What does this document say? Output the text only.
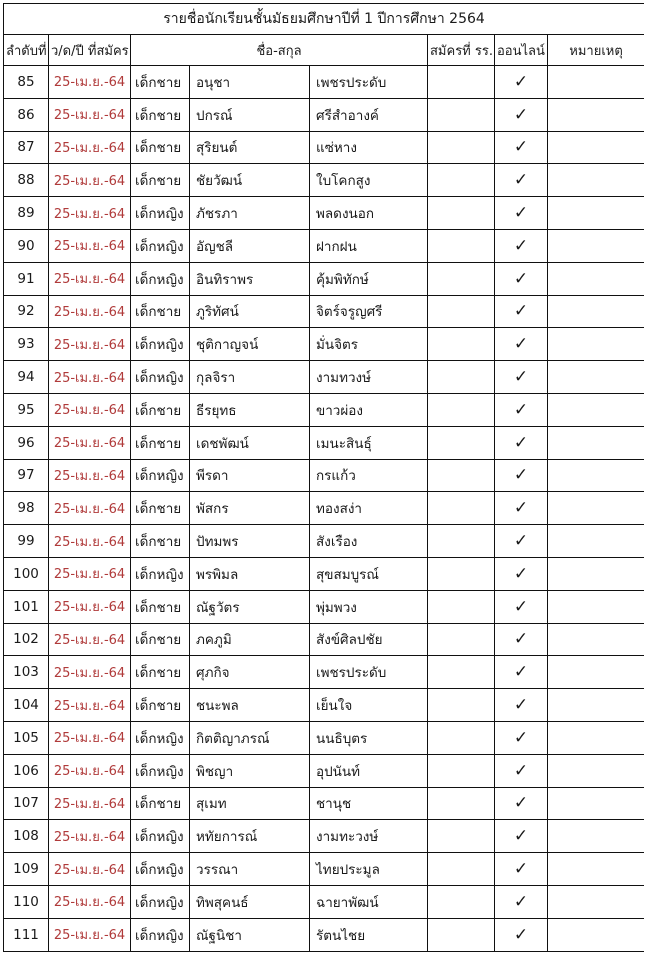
รายชื่อนักเรียนชั้นมัธยมศึกษาปีที่ 1 ปีการศึกษา 2564							
ลำดับที่	ว/ด/ปี ที่สมัคร	ชื่อ-สกุล			สมัครที่ รร.	ออนไลน์	หมายเหตุ
85	25-เม.ย.-64	เด็กชาย	อนุชา	เพชรประดับ		✓	
86	25-เม.ย.-64	เด็กชาย	ปกรณ์	ศรีสำอางค์		✓	
87	25-เม.ย.-64	เด็กชาย	สุริยนต์	แซ่หาง		✓	
88	25-เม.ย.-64	เด็กชาย	ชัยวัฒน์	ใบโคกสูง		✓	
89	25-เม.ย.-64	เด็กหญิง	ภัชรภา	พลดงนอก		✓	
90	25-เม.ย.-64	เด็กหญิง	อัญชลี	ฝากฝน		✓	
91	25-เม.ย.-64	เด็กหญิง	อินทิราพร	คุ้มพิทักษ์		✓	
92	25-เม.ย.-64	เด็กชาย	ภูริทัศน์	จิตร์จรูญศรี		✓	
93	25-เม.ย.-64	เด็กหญิง	ชุติกาญจน์	มั่นจิตร		✓	
94	25-เม.ย.-64	เด็กหญิง	กุลจิรา	งามทวงษ์		✓	
95	25-เม.ย.-64	เด็กชาย	ธีรยุทธ	ขาวผ่อง		✓	
96	25-เม.ย.-64	เด็กชาย	เดชพัฒน์	เมนะสินธุ์		✓	
97	25-เม.ย.-64	เด็กหญิง	พีรดา	กรแก้ว		✓	
98	25-เม.ย.-64	เด็กชาย	พัสกร	ทองสง่า		✓	
99	25-เม.ย.-64	เด็กชาย	ปัทมพร	สังเรือง		✓	
100	25-เม.ย.-64	เด็กหญิง	พรพิมล	สุขสมบูรณ์		✓	
101	25-เม.ย.-64	เด็กชาย	ณัฐวัตร	พุ่มพวง		✓	
102	25-เม.ย.-64	เด็กชาย	ภคภูมิ	สังข์ศิลปชัย		✓	
103	25-เม.ย.-64	เด็กชาย	ศุภกิจ	เพชรประดับ		✓	
104	25-เม.ย.-64	เด็กชาย	ชนะพล	เย็นใจ		✓	
105	25-เม.ย.-64	เด็กหญิง	กิตติญาภรณ์	นนธิบุตร		✓	
106	25-เม.ย.-64	เด็กหญิง	พิชญา	อุปนันท์		✓	
107	25-เม.ย.-64	เด็กชาย	สุเมท	ชานุช		✓	
108	25-เม.ย.-64	เด็กหญิง	หทัยการณ์	งามทะวงษ์		✓	
109	25-เม.ย.-64	เด็กหญิง	วรรณา	ไทยประมูล		✓	
110	25-เม.ย.-64	เด็กหญิง	ทิพสุคนธ์	ฉายาพัฒน์		✓	
111	25-เม.ย.-64	เด็กหญิง	ณัฐนิชา	รัตนไชย		✓	
